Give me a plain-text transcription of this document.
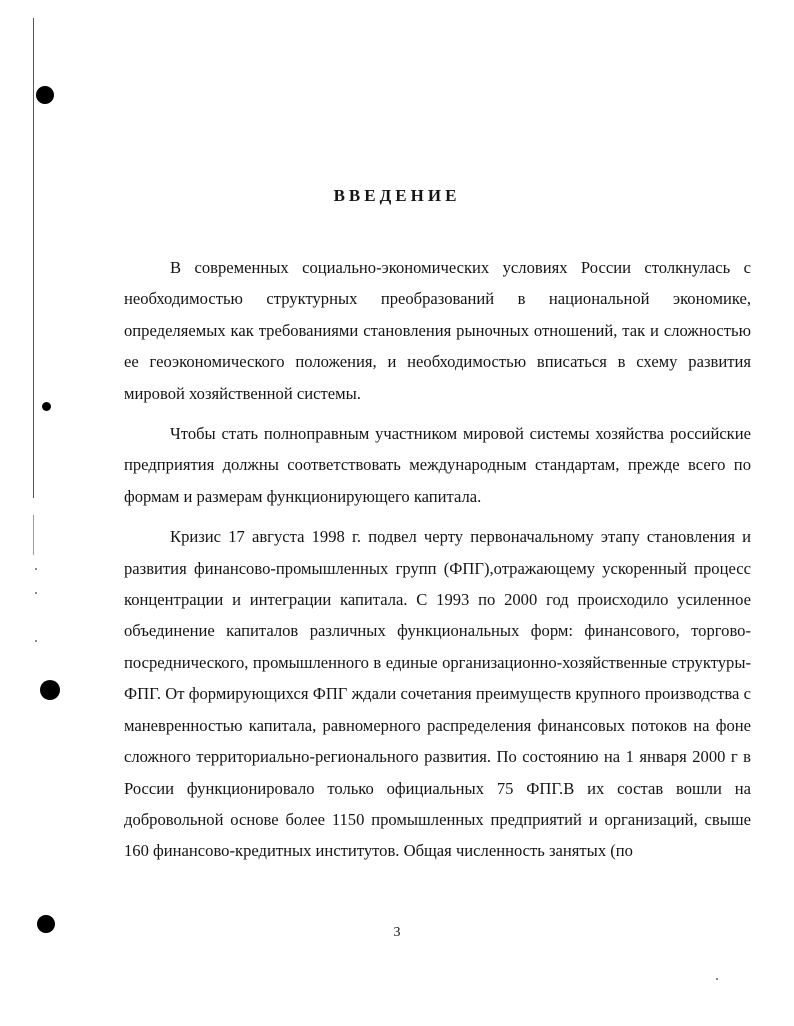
ВВЕДЕНИЕ

В современных социально-экономических условиях России столкнулась с необходимостью структурных преобразований в национальной экономике, определяемых как требованиями становления рыночных отношений, так и сложностью ее геоэкономического положения, и необходимостью вписаться в схему развития мировой хозяйственной системы.

Чтобы стать полноправным участником мировой системы хозяйства российские предприятия должны соответствовать международным стандартам, прежде всего по формам и размерам функционирующего капитала.

Кризис 17 августа 1998 г. подвел черту первоначальному этапу становления и развития финансово-промышленных групп (ФПГ),отражающему ускоренный процесс концентрации и интеграции капитала. С 1993 по 2000 год происходило усиленное объединение капиталов различных функциональных форм: финансового, торгово-посреднического, промышленного в единые организационно-хозяйственные структуры-ФПГ. От формирующихся ФПГ ждали сочетания преимуществ крупного производства с маневренностью капитала, равномерного распределения финансовых потоков на фоне сложного территориально-регионального развития. По состоянию на 1 января 2000 г в России функционировало только официальных 75 ФПГ.В их состав вошли на добровольной основе более 1150 промышленных предприятий и организаций, свыше 160 финансово-кредитных институтов. Общая численность занятых (по

3
